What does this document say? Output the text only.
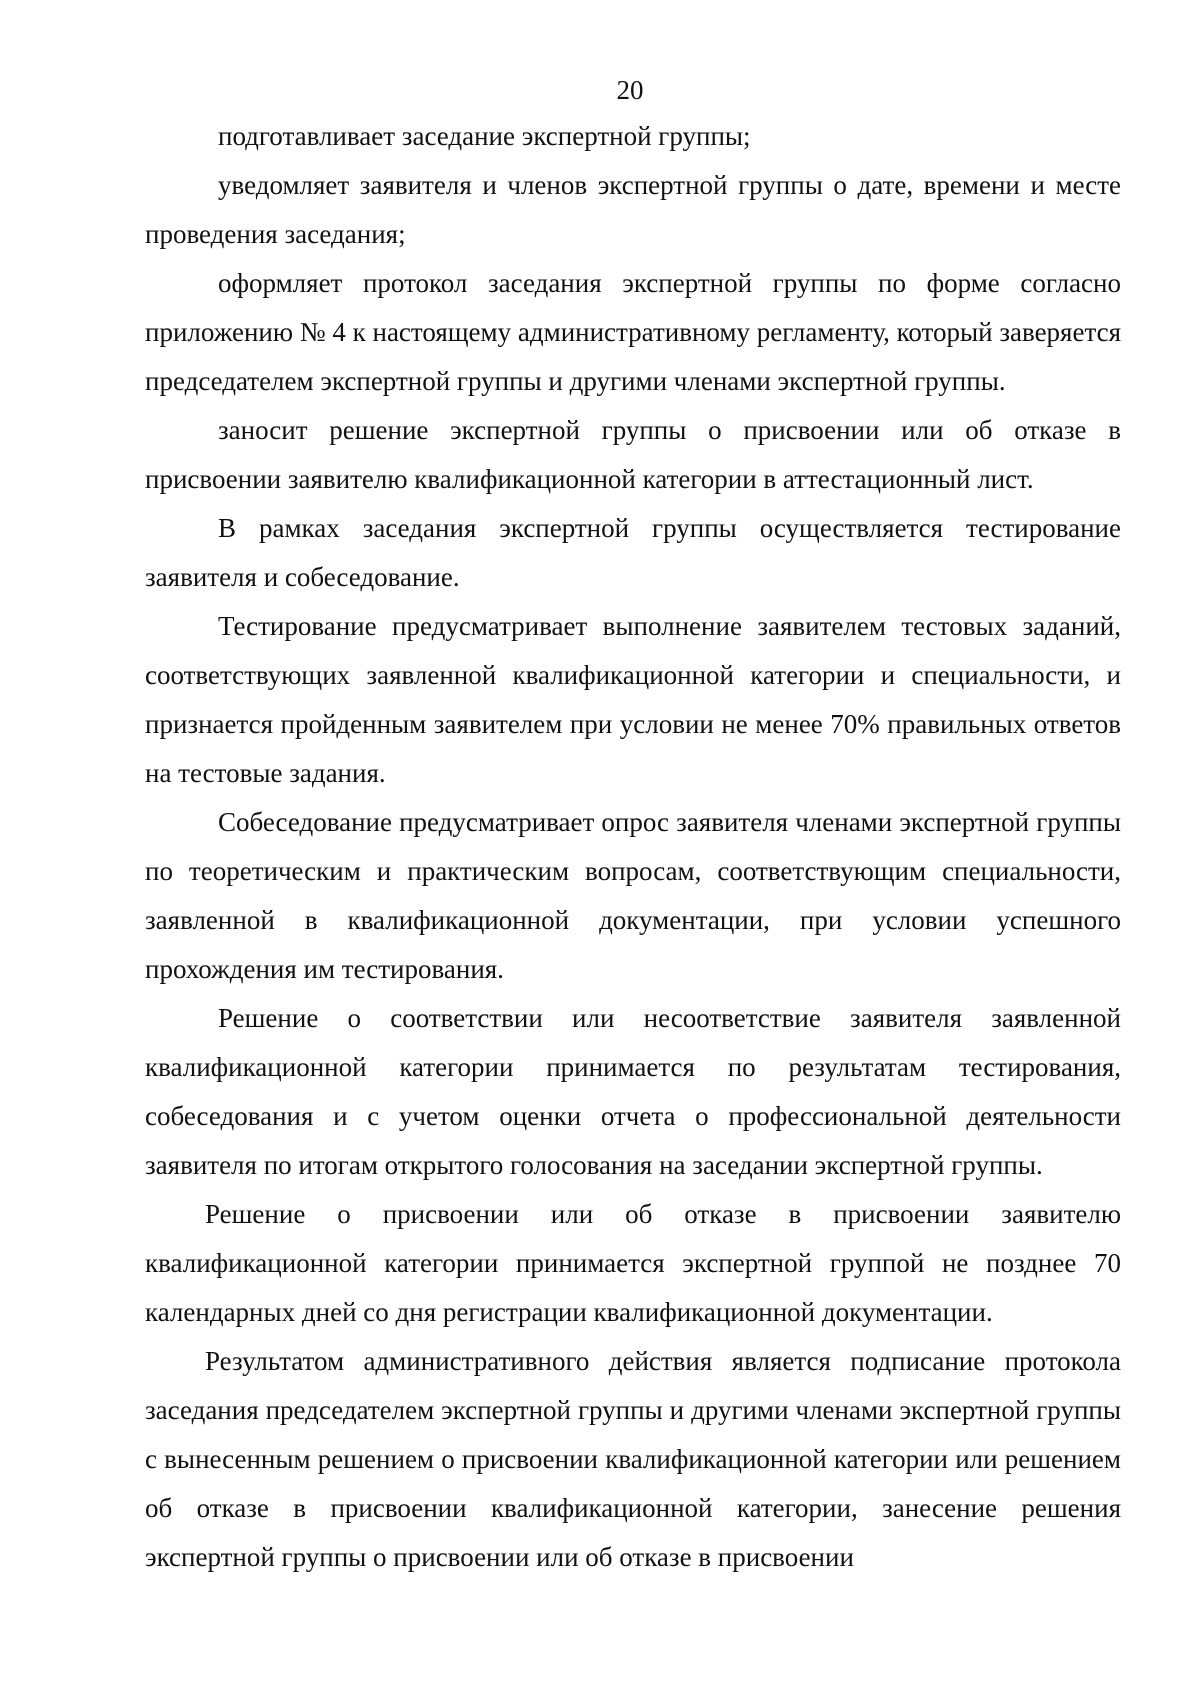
20

подготавливает заседание экспертной группы;

уведомляет заявителя и членов экспертной группы о дате, времени и месте проведения заседания;

оформляет протокол заседания экспертной группы по форме согласно приложению № 4 к настоящему административному регламенту, который заверяется председателем экспертной группы и другими членами экспертной группы.

заносит решение экспертной группы о присвоении или об отказе в присвоении заявителю квалификационной категории в аттестационный лист.

В рамках заседания экспертной группы осуществляется тестирование заявителя и собеседование.

Тестирование предусматривает выполнение заявителем тестовых заданий, соответствующих заявленной квалификационной категории и специальности, и признается пройденным заявителем при условии не менее 70% правильных ответов на тестовые задания.

Собеседование предусматривает опрос заявителя членами экспертной группы по теоретическим и практическим вопросам, соответствующим специальности, заявленной в квалификационной документации, при условии успешного прохождения им тестирования.

Решение о соответствии или несоответствие заявителя заявленной квалификационной категории принимается по результатам тестирования, собеседования и с учетом оценки отчета о профессиональной деятельности заявителя по итогам открытого голосования на заседании экспертной группы.

Решение о присвоении или об отказе в присвоении заявителю квалификационной категории принимается экспертной группой не позднее 70 календарных дней со дня регистрации квалификационной документации.

Результатом административного действия является подписание протокола заседания председателем экспертной группы и другими членами экспертной группы с вынесенным решением о присвоении квалификационной категории или решением об отказе в присвоении квалификационной категории, занесение решения экспертной группы о присвоении или об отказе в присвоении
